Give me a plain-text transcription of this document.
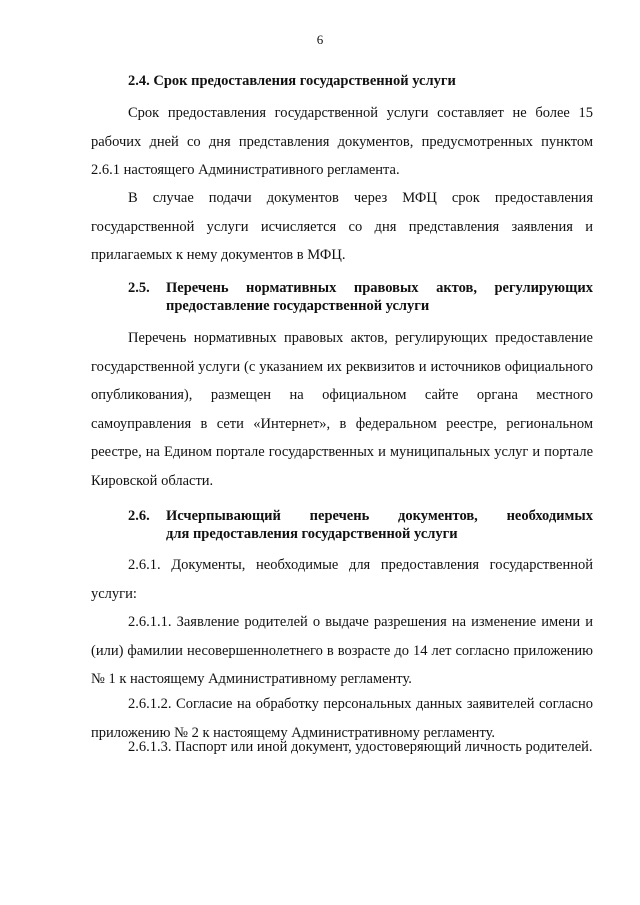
6
2.4. Срок предоставления государственной услуги

Срок предоставления государственной услуги составляет не более 15 рабочих дней со дня представления документов, предусмотренных пунктом 2.6.1 настоящего Административного регламента.

В случае подачи документов через МФЦ срок предоставления государственной услуги исчисляется со дня представления заявления и прилагаемых к нему документов в МФЦ.

2.5. Перечень нормативных правовых актов, регулирующих
предоставление государственной услуги

Перечень нормативных правовых актов, регулирующих предоставление государственной услуги (с указанием их реквизитов и источников официального опубликования), размещен на официальном сайте органа местного самоуправления в сети «Интернет», в федеральном реестре, региональном реестре, на Едином портале государственных и муниципальных услуг и портале Кировской области.

2.6. Исчерпывающий перечень документов, необходимых
для предоставления государственной услуги

2.6.1. Документы, необходимые для предоставления государственной услуги:

2.6.1.1. Заявление родителей о выдаче разрешения на изменение имени и (или) фамилии несовершеннолетнего в возрасте до 14 лет согласно приложению № 1 к настоящему Административному регламенту.

2.6.1.2. Согласие на обработку персональных данных заявителей согласно приложению № 2 к настоящему Административному регламенту.

2.6.1.3. Паспорт или иной документ, удостоверяющий личность родителей.
